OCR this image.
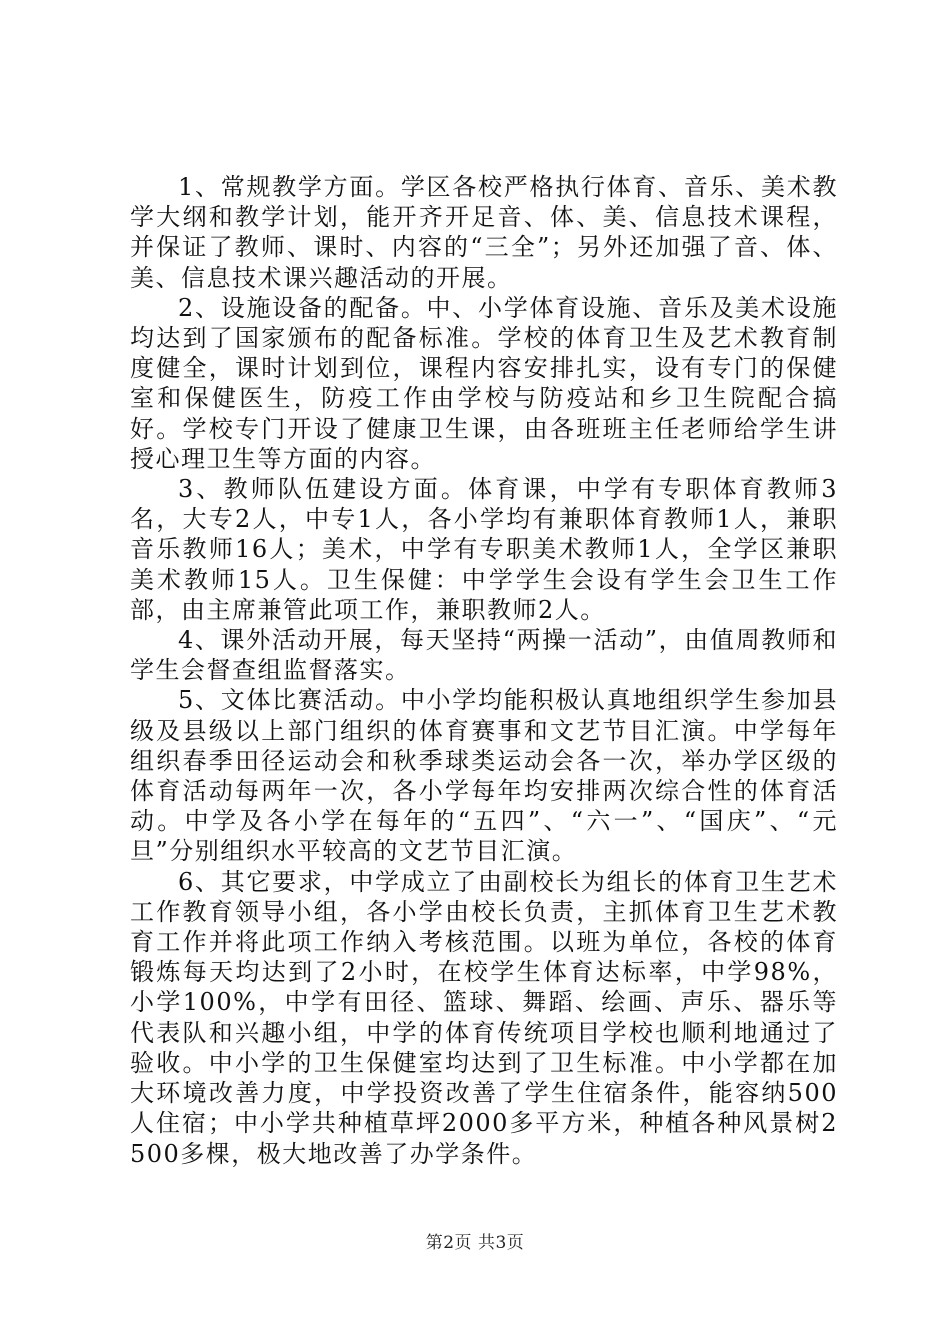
1、常规教学方面。学区各校严格执行体育、音乐、美术教学大纲和教学计划，能开齐开足音、体、美、信息技术课程，并保证了教师、课时、内容的“三全”；另外还加强了音、体、美、信息技术课兴趣活动的开展。

2、设施设备的配备。中、小学体育设施、音乐及美术设施均达到了国家颁布的配备标准。学校的体育卫生及艺术教育制度健全，课时计划到位，课程内容安排扎实，设有专门的保健室和保健医生，防疫工作由学校与防疫站和乡卫生院配合搞好。学校专门开设了健康卫生课，由各班班主任老师给学生讲授心理卫生等方面的内容。

3、教师队伍建设方面。体育课，中学有专职体育教师3名，大专2人，中专1人，各小学均有兼职体育教师1人，兼职音乐教师16人；美术，中学有专职美术教师1人，全学区兼职美术教师15人。卫生保健：中学学生会设有学生会卫生工作部，由主席兼管此项工作，兼职教师2人。

4、课外活动开展，每天坚持“两操一活动”，由值周教师和学生会督查组监督落实。

5、文体比赛活动。中小学均能积极认真地组织学生参加县级及县级以上部门组织的体育赛事和文艺节目汇演。中学每年组织春季田径运动会和秋季球类运动会各一次，举办学区级的体育活动每两年一次，各小学每年均安排两次综合性的体育活动。中学及各小学在每年的“五四”、“六一”、“国庆”、“元旦”分别组织水平较高的文艺节目汇演。

6、其它要求，中学成立了由副校长为组长的体育卫生艺术工作教育领导小组，各小学由校长负责，主抓体育卫生艺术教育工作并将此项工作纳入考核范围。以班为单位，各校的体育锻炼每天均达到了2小时，在校学生体育达标率，中学98%，小学100%，中学有田径、篮球、舞蹈、绘画、声乐、器乐等代表队和兴趣小组，中学的体育传统项目学校也顺利地通过了验收。中小学的卫生保健室均达到了卫生标准。中小学都在加大环境改善力度，中学投资改善了学生住宿条件，能容纳500人住宿；中小学共种植草坪2000多平方米，种植各种风景树2500多棵，极大地改善了办学条件。

第2页 共3页
